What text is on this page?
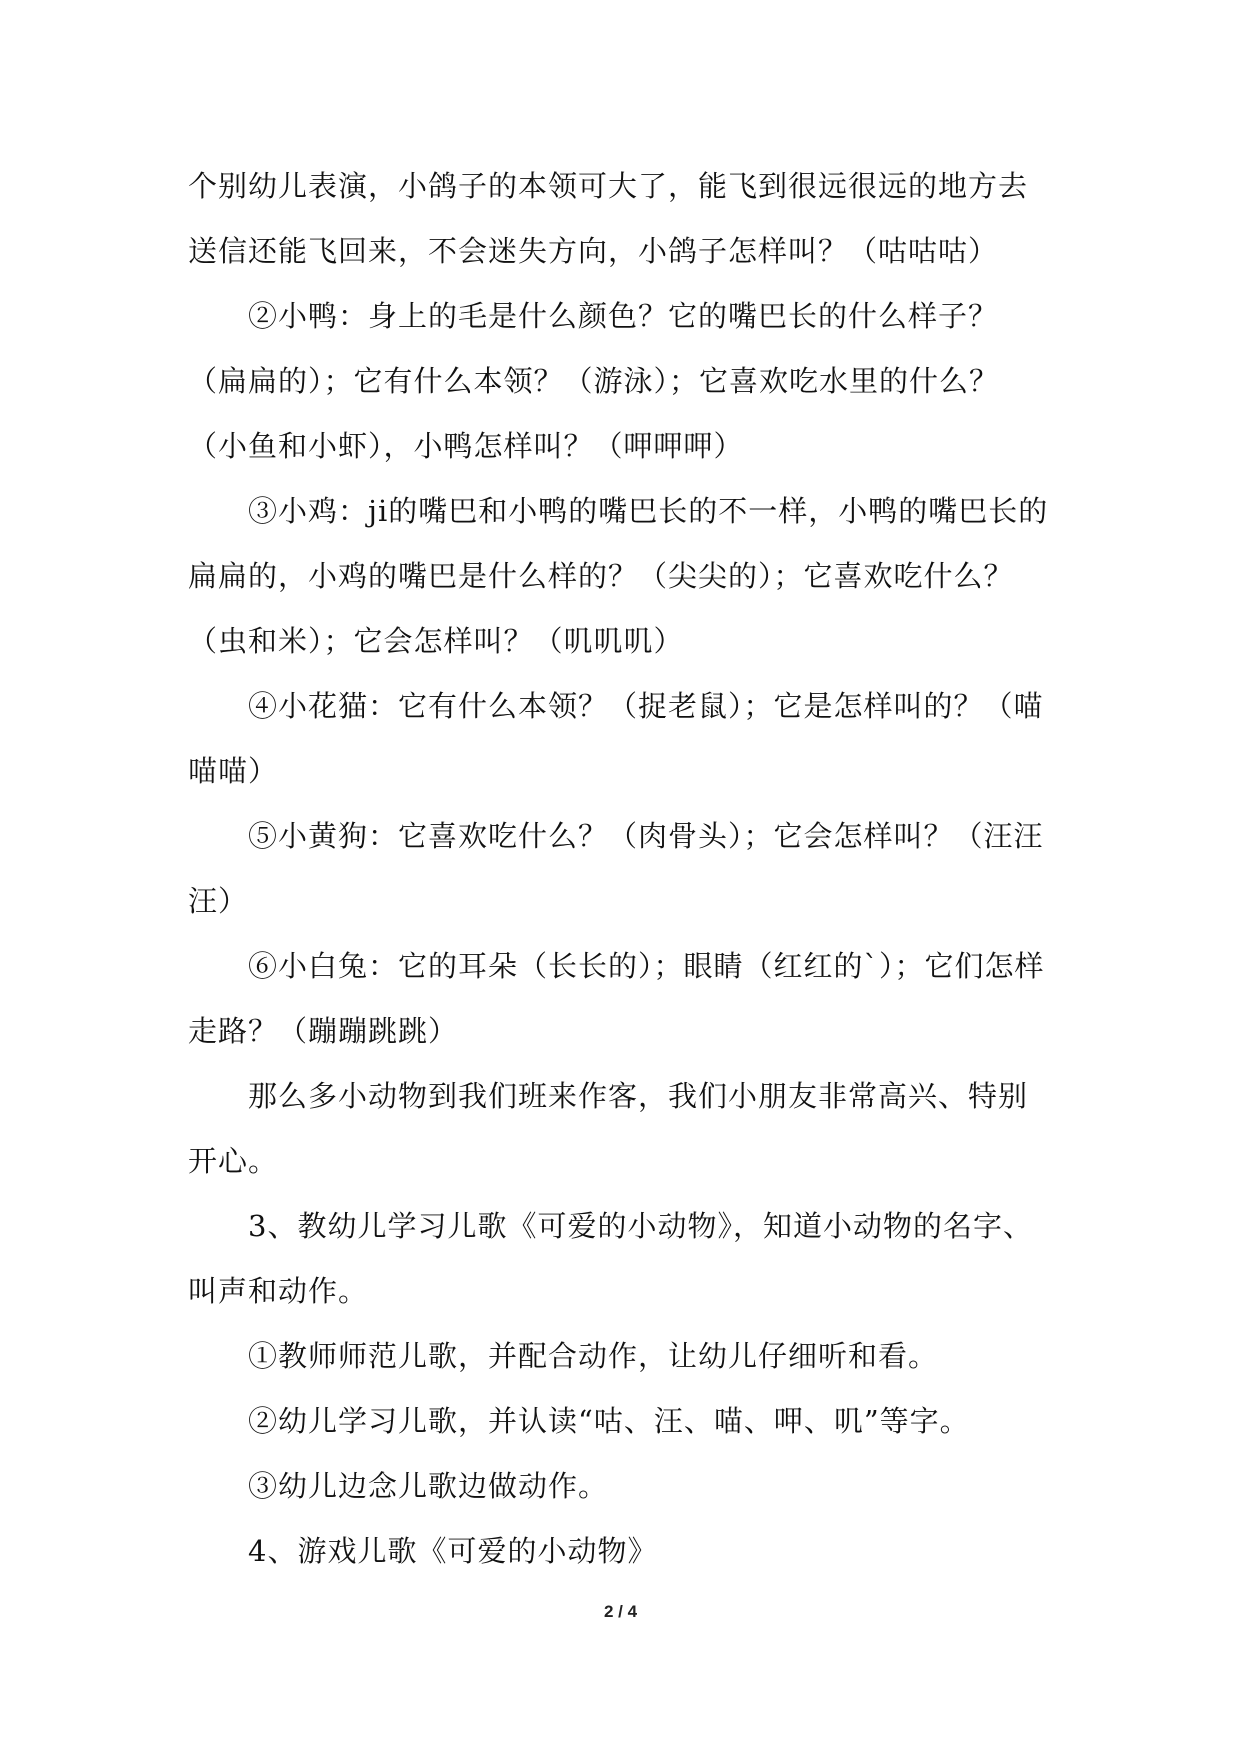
个别幼儿表演，小鸽子的本领可大了，能飞到很远很远的地方去送信还能飞回来，不会迷失方向，小鸽子怎样叫？（咕咕咕）

②小鸭：身上的毛是什么颜色？它的嘴巴长的什么样子？（扁扁的）；它有什么本领？（游泳）；它喜欢吃水里的什么？（小鱼和小虾），小鸭怎样叫？（呷呷呷）

③小鸡：ji的嘴巴和小鸭的嘴巴长的不一样，小鸭的嘴巴长的扁扁的，小鸡的嘴巴是什么样的？（尖尖的）；它喜欢吃什么？（虫和米）；它会怎样叫？（叽叽叽）

④小花猫：它有什么本领？（捉老鼠）；它是怎样叫的？（喵喵喵）

⑤小黄狗：它喜欢吃什么？（肉骨头）；它会怎样叫？（汪汪汪）

⑥小白兔：它的耳朵（长长的）；眼睛（红红的`）；它们怎样走路？（蹦蹦跳跳）

那么多小动物到我们班来作客，我们小朋友非常高兴、特别开心。

3、教幼儿学习儿歌《可爱的小动物》，知道小动物的名字、叫声和动作。

①教师师范儿歌，并配合动作，让幼儿仔细听和看。

②幼儿学习儿歌，并认读“咕、汪、喵、呷、叽”等字。

③幼儿边念儿歌边做动作。

4、游戏儿歌《可爱的小动物》

2 / 4
